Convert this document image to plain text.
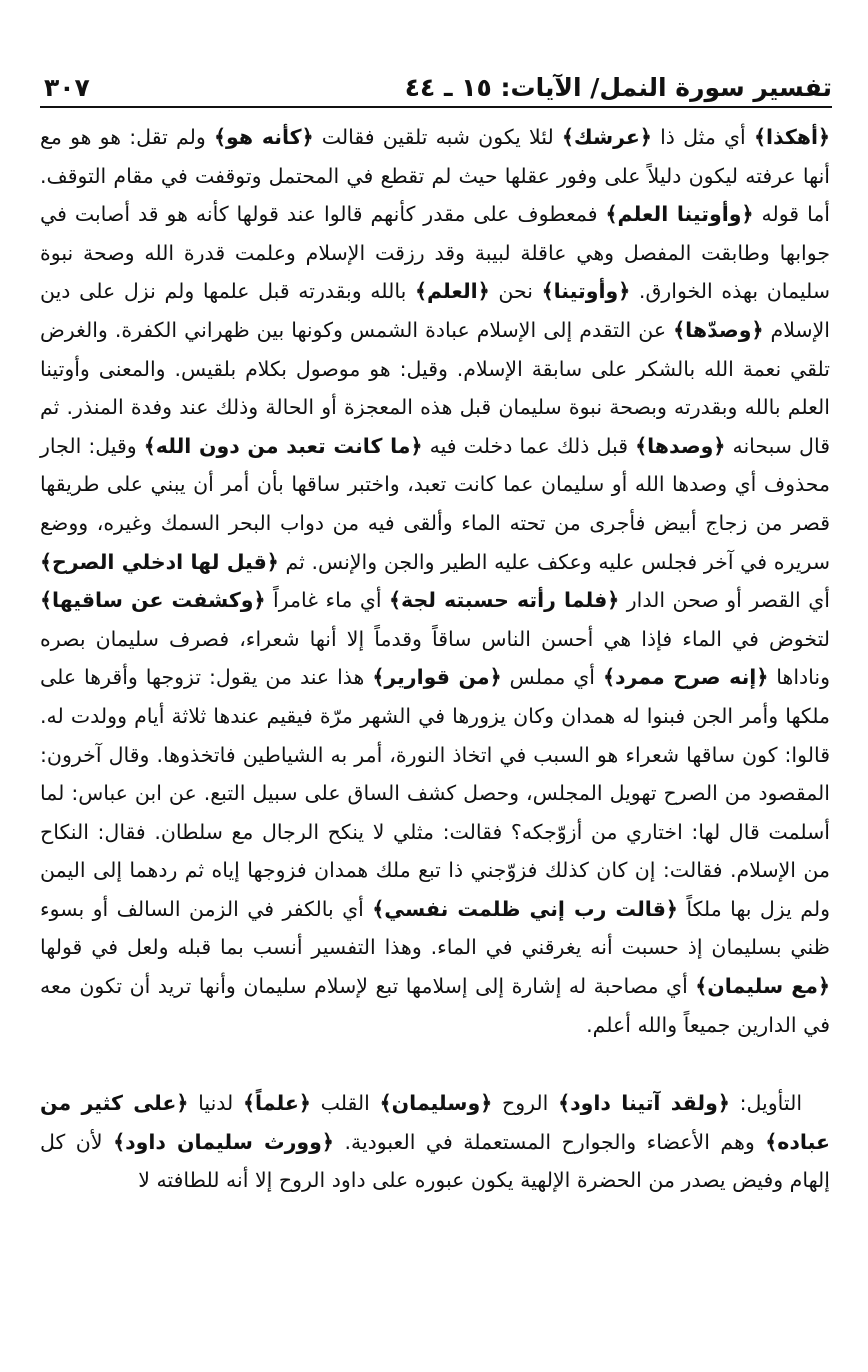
تفسير سورة النمل/ الآيات: ١٥ ـ ٤٤
٣٠٧

﴿أهكذا﴾ أي مثل ذا ﴿عرشك﴾ لئلا يكون شبه تلقين فقالت ﴿كأنه هو﴾ ولم تقل: هو هو مع أنها عرفته ليكون دليلاً على وفور عقلها حيث لم تقطع في المحتمل وتوقفت في مقام التوقف. أما قوله ﴿وأوتينا العلم﴾ فمعطوف على مقدر كأنهم قالوا عند قولها كأنه هو قد أصابت في جوابها وطابقت المفصل وهي عاقلة لبيبة وقد رزقت الإسلام وعلمت قدرة الله وصحة نبوة سليمان بهذه الخوارق. ﴿وأوتينا﴾ نحن ﴿العلم﴾ بالله وبقدرته قبل علمها ولم نزل على دين الإسلام ﴿وصدّها﴾ عن التقدم إلى الإسلام عبادة الشمس وكونها بين ظهراني الكفرة. والغرض تلقي نعمة الله بالشكر على سابقة الإسلام. وقيل: هو موصول بكلام بلقيس. والمعنى وأوتينا العلم بالله وبقدرته وبصحة نبوة سليمان قبل هذه المعجزة أو الحالة وذلك عند وفدة المنذر. ثم قال سبحانه ﴿وصدها﴾ قبل ذلك عما دخلت فيه ﴿ما كانت تعبد من دون الله﴾ وقيل: الجار محذوف أي وصدها الله أو سليمان عما كانت تعبد، واختبر ساقها بأن أمر أن يبني على طريقها قصر من زجاج أبيض فأجرى من تحته الماء وألقى فيه من دواب البحر السمك وغيره، ووضع سريره في آخر فجلس عليه وعكف عليه الطير والجن والإنس. ثم ﴿قيل لها ادخلي الصرح﴾ أي القصر أو صحن الدار ﴿فلما رأته حسبته لجة﴾ أي ماء غامراً ﴿وكشفت عن ساقيها﴾ لتخوض في الماء فإذا هي أحسن الناس ساقاً وقدماً إلا أنها شعراء، فصرف سليمان بصره وناداها ﴿إنه صرح ممرد﴾ أي مملس ﴿من قوارير﴾ هذا عند من يقول: تزوجها وأقرها على ملكها وأمر الجن فبنوا له همدان وكان يزورها في الشهر مرّة فيقيم عندها ثلاثة أيام وولدت له. قالوا: كون ساقها شعراء هو السبب في اتخاذ النورة، أمر به الشياطين فاتخذوها. وقال آخرون: المقصود من الصرح تهويل المجلس، وحصل كشف الساق على سبيل التبع. عن ابن عباس: لما أسلمت قال لها: اختاري من أزوّجكه؟ فقالت: مثلي لا ينكح الرجال مع سلطان. فقال: النكاح من الإسلام. فقالت: إن كان كذلك فزوّجني ذا تبع ملك همدان فزوجها إياه ثم ردهما إلى اليمن ولم يزل بها ملكاً ﴿قالت رب إني ظلمت نفسي﴾ أي بالكفر في الزمن السالف أو بسوء ظني بسليمان إذ حسبت أنه يغرقني في الماء. وهذا التفسير أنسب بما قبله ولعل في قولها ﴿مع سليمان﴾ أي مصاحبة له إشارة إلى إسلامها تبع لإسلام سليمان وأنها تريد أن تكون معه في الدارين جميعاً والله أعلم.

التأويل: ﴿ولقد آتينا داود﴾ الروح ﴿وسليمان﴾ القلب ﴿علماً﴾ لدنيا ﴿على كثير من عباده﴾ وهم الأعضاء والجوارح المستعملة في العبودية. ﴿وورث سليمان داود﴾ لأن كل إلهام وفيض يصدر من الحضرة الإلهية يكون عبوره على داود الروح إلا أنه للطافته لا
